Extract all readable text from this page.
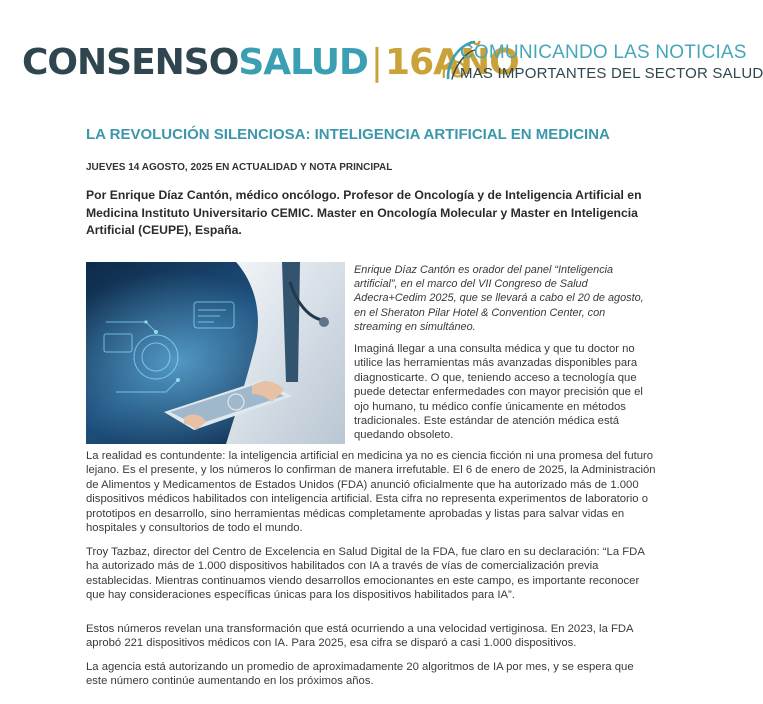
CONSENSOSALUD|16AÑO
COMUNICANDO LAS NOTICIAS
MAS IMPORTANTES DEL SECTOR SALUD
LA REVOLUCIÓN SILENCIOSA: INTELIGENCIA ARTIFICIAL EN MEDICINA
JUEVES 14 AGOSTO, 2025 EN ACTUALIDAD Y NOTA PRINCIPAL

Por Enrique Díaz Cantón, médico oncólogo. Profesor de Oncología y de Inteligencia Artificial en Medicina Instituto Universitario CEMIC. Master en Oncología Molecular y Master en Inteligencia Artificial (CEUPE), España.

Enrique Díaz Cantón es orador del panel “Inteligencia artificial”, en el marco del VII Congreso de Salud Adecra+Cedim 2025, que se llevará a cabo el 20 de agosto, en el Sheraton Pilar Hotel & Convention Center, con streaming en simultáneo.

Imaginá llegar a una consulta médica y que tu doctor no utilice las herramientas más avanzadas disponibles para diagnosticarte. O que, teniendo acceso a tecnología que puede detectar enfermedades con mayor precisión que el ojo humano, tu médico confíe únicamente en métodos tradicionales. Este estándar de atención médica está quedando obsoleto.

La realidad es contundente: la inteligencia artificial en medicina ya no es ciencia ficción ni una promesa del futuro lejano. Es el presente, y los números lo confirman de manera irrefutable. El 6 de enero de 2025, la Administración de Alimentos y Medicamentos de Estados Unidos (FDA) anunció oficialmente que ha autorizado más de 1.000 dispositivos médicos habilitados con inteligencia artificial. Esta cifra no representa experimentos de laboratorio o prototipos en desarrollo, sino herramientas médicas completamente aprobadas y listas para salvar vidas en hospitales y consultorios de todo el mundo.

Troy Tazbaz, director del Centro de Excelencia en Salud Digital de la FDA, fue claro en su declaración: “La FDA ha autorizado más de 1.000 dispositivos habilitados con IA a través de vías de comercialización previa establecidas. Mientras continuamos viendo desarrollos emocionantes en este campo, es importante reconocer que hay consideraciones específicas únicas para los dispositivos habilitados para IA”.

Estos números revelan una transformación que está ocurriendo a una velocidad vertiginosa. En 2023, la FDA aprobó 221 dispositivos médicos con IA. Para 2025, esa cifra se disparó a casi 1.000 dispositivos.

La agencia está autorizando un promedio de aproximadamente 20 algoritmos de IA por mes, y se espera que este número continúe aumentando en los próximos años.
